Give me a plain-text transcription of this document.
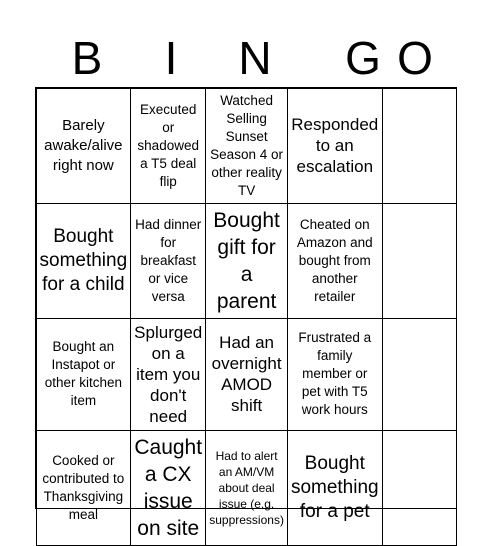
B	I	N	G O
Barely awake/alive right now
Executed or shadowed a T5 deal flip
Watched Selling Sunset Season 4 or other reality TV
Responded to an escalation
Bought something for a child
Had dinner for breakfast or vice versa
Bought gift for a parent
Cheated on Amazon and bought from another retailer
Bought an Instapot or other kitchen item
Splurged on a item you don't need
Had an overnight AMOD shift
Frustrated a family member or pet with T5 work hours
Cooked or contributed to Thanksgiving meal
Caught a CX issue on site
Had to alert an AM/VM about deal issue (e.g. suppressions)
Bought something for a pet
